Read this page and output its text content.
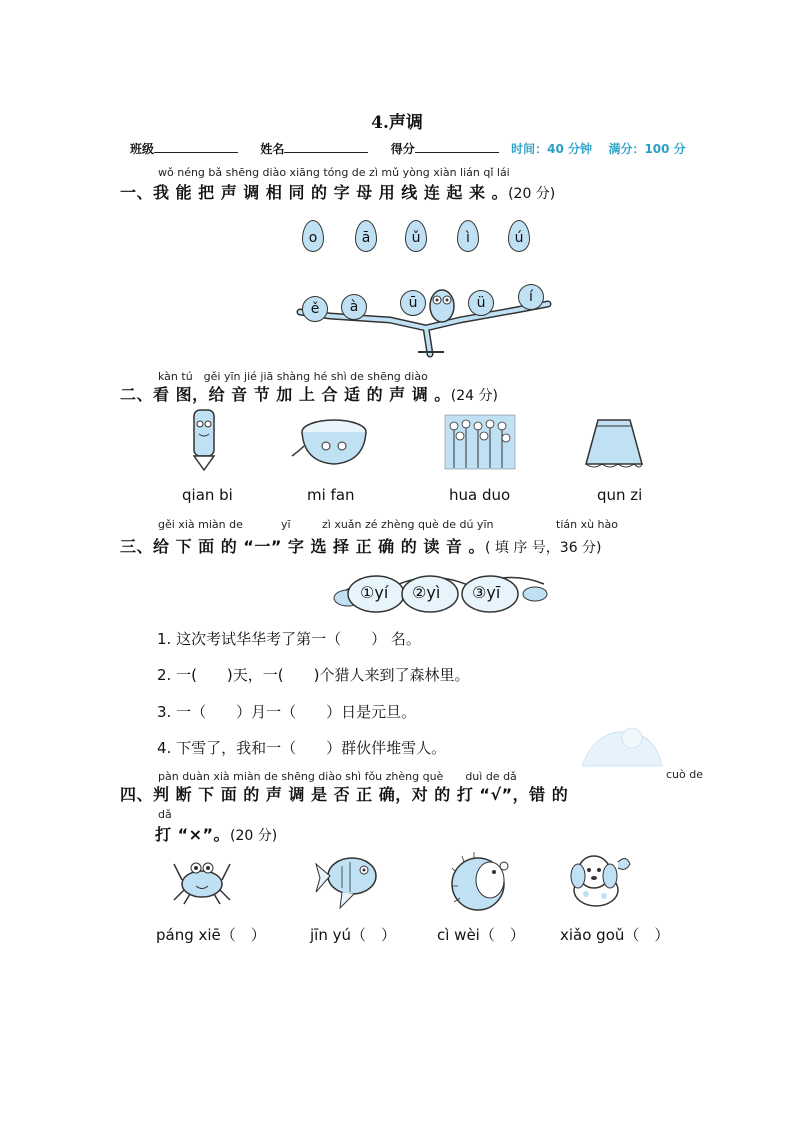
4.声调
班级	姓名	得分	时间：40 分钟 满分：100 分
wǒ néng bǎ shēng diào xiāng tóng de zì mǔ yòng xiàn lián qǐ lái
一、我 能 把 声 调 相 同 的 字 母 用 线 连 起 来 。(20 分)
o	ā	ǔ	ì	ú
ě	à	ū	ü	í
kàn tú　gěi yīn jié jiā shàng hé shì de shēng diào
二、看 图，给 音 节 加 上 合 适 的 声 调 。(24 分)
qian bi	mi fan	hua duo	qun zi
gěi xià miàn de	yī	zì xuǎn zé zhèng què de dú yīn	tián xù hào
三、给 下 面 的 “一” 字 选 择 正 确 的 读 音 。( 填 序 号，36 分)
①yí ②yì ③yī
1. 这次考试华华考了第一（　　） 名。
2. 一(　　)天，一(　　)个猎人来到了森林里。
3. 一（　　）月一（　　）日是元旦。
4. 下雪了，我和一（　　）群伙伴堆雪人。
pàn duàn xià miàn de shēng diào shì fǒu zhèng què　　duì de dǎ	cuò de
四、判 断 下 面 的 声 调 是 否 正 确，对 的 打 “√”，错 的
dǎ
打 “×”。(20 分)
páng xiē（　）	jīn yú（　）	cì wèi（　） xiǎo goǔ（　）
